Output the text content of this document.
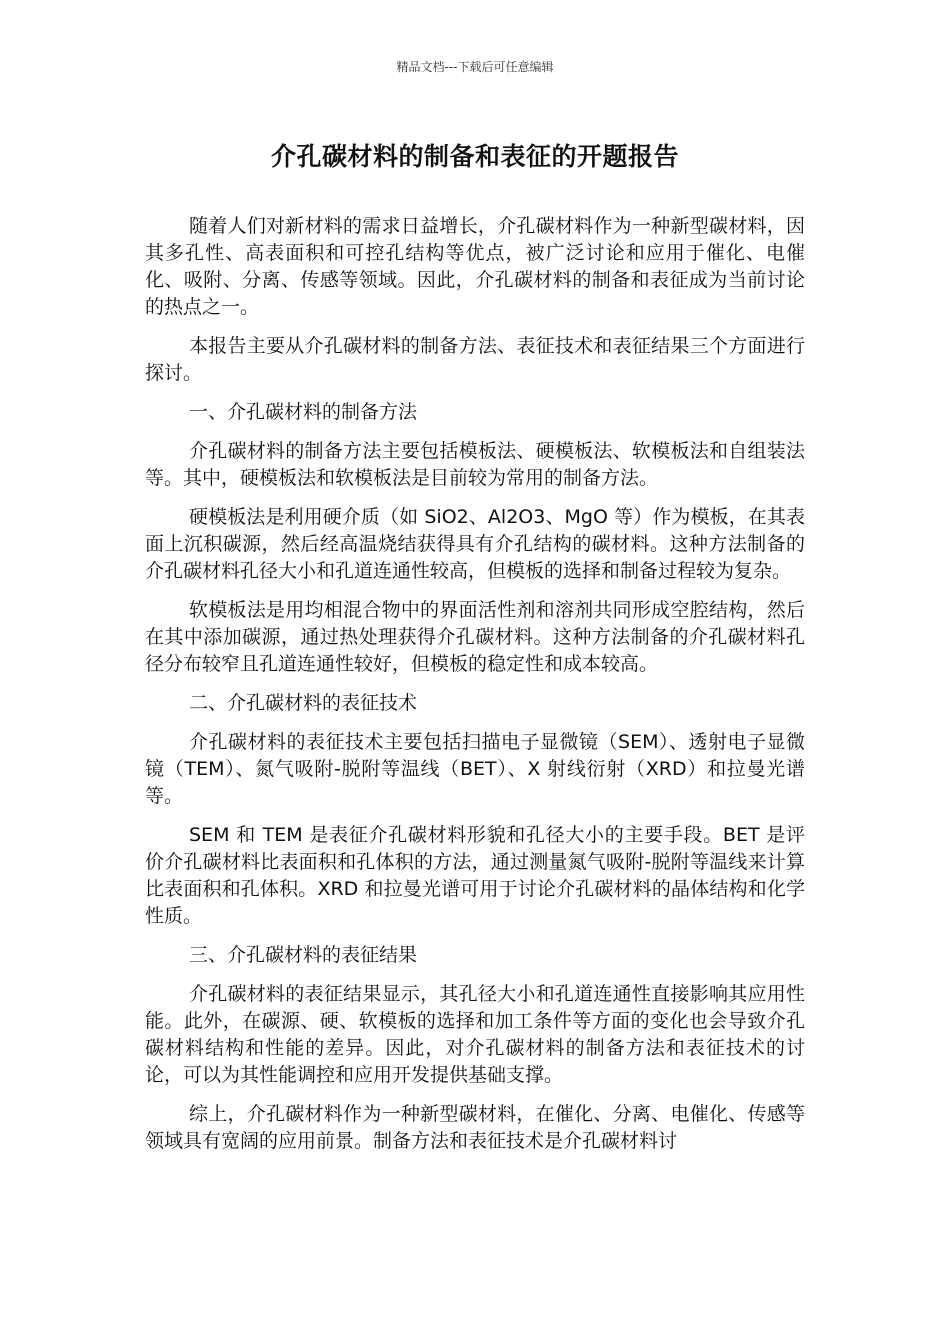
精品文档---下载后可任意编辑
介孔碳材料的制备和表征的开题报告

随着人们对新材料的需求日益增长，介孔碳材料作为一种新型碳材料，因其多孔性、高表面积和可控孔结构等优点，被广泛讨论和应用于催化、电催化、吸附、分离、传感等领域。因此，介孔碳材料的制备和表征成为当前讨论的热点之一。

本报告主要从介孔碳材料的制备方法、表征技术和表征结果三个方面进行探讨。

一、介孔碳材料的制备方法

介孔碳材料的制备方法主要包括模板法、硬模板法、软模板法和自组装法等。其中，硬模板法和软模板法是目前较为常用的制备方法。

硬模板法是利用硬介质（如 SiO2、Al2O3、MgO 等）作为模板，在其表面上沉积碳源，然后经高温烧结获得具有介孔结构的碳材料。这种方法制备的介孔碳材料孔径大小和孔道连通性较高，但模板的选择和制备过程较为复杂。

软模板法是用均相混合物中的界面活性剂和溶剂共同形成空腔结构，然后在其中添加碳源，通过热处理获得介孔碳材料。这种方法制备的介孔碳材料孔径分布较窄且孔道连通性较好，但模板的稳定性和成本较高。

二、介孔碳材料的表征技术

介孔碳材料的表征技术主要包括扫描电子显微镜（SEM）、透射电子显微镜（TEM）、氮气吸附-脱附等温线（BET）、X 射线衍射（XRD）和拉曼光谱等。

SEM 和 TEM 是表征介孔碳材料形貌和孔径大小的主要手段。BET 是评价介孔碳材料比表面积和孔体积的方法，通过测量氮气吸附-脱附等温线来计算比表面积和孔体积。XRD 和拉曼光谱可用于讨论介孔碳材料的晶体结构和化学性质。

三、介孔碳材料的表征结果

介孔碳材料的表征结果显示，其孔径大小和孔道连通性直接影响其应用性能。此外，在碳源、硬、软模板的选择和加工条件等方面的变化也会导致介孔碳材料结构和性能的差异。因此，对介孔碳材料的制备方法和表征技术的讨论，可以为其性能调控和应用开发提供基础支撑。

综上，介孔碳材料作为一种新型碳材料，在催化、分离、电催化、传感等领域具有宽阔的应用前景。制备方法和表征技术是介孔碳材料讨
